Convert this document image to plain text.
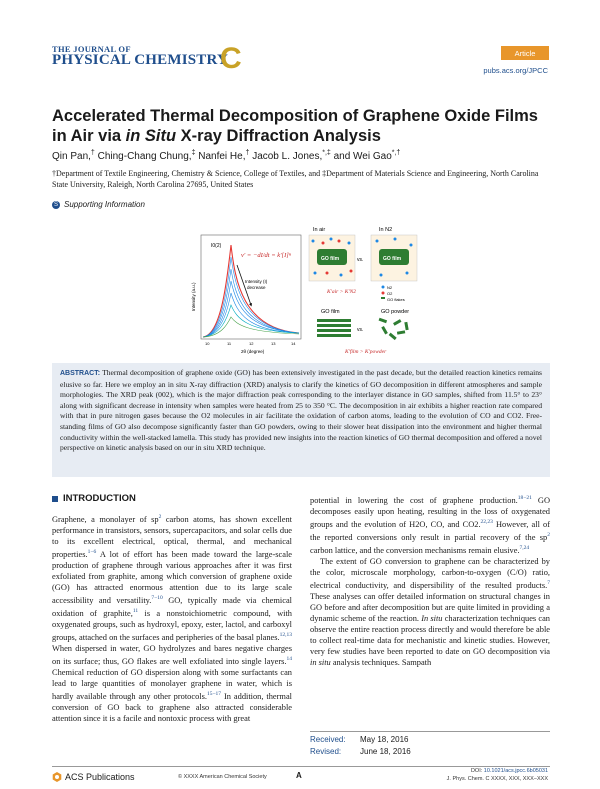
THE JOURNAL OF
PHYSICAL CHEMISTRY
C	Article
pubs.acs.org/JPCC
Accelerated Thermal Decomposition of Graphene Oxide Films in Air via in Situ X-ray Diffraction Analysis
Qin Pan,† Ching-Chang Chung,‡ Nanfei He,† Jacob L. Jones,*,‡ and Wei Gao*,†
†Department of Textile Engineering, Chemistry & Science, College of Textiles, and ‡Department of Materials Science and Engineering, North Carolina State University, Raleigh, North Carolina 27695, United States
S Supporting Information
I0(2)
ν′ = −dI/dt = k′[I]ⁿ
Intensity (I)
decrease
Intensity (a.u.)
10	11	12	13	14
2θ (degree)
In air	In N2
GO film	GO film
vs.
K′air > K′N2
N2
O2
GO flakes
GO film	GO powder
vs.
K′film > K′powder
ABSTRACT: Thermal decomposition of graphene oxide (GO) has been extensively investigated in the past decade, but the detailed reaction kinetics remains elusive so far. Here we employ an in situ X-ray diffraction (XRD) analysis to clarify the kinetics of GO decomposition in different atmospheres and sample morphologies. The XRD peak (002), which is the major diffraction peak corresponding to the interlayer distance in GO samples, shifted from 11.5° to 23° along with significant decrease in intensity when samples were heated from 25 to 350 °C. The decomposition in air exhibits a higher reaction rate compared with that in pure nitrogen gases because the O2 molecules in air facilitate the oxidation of carbon atoms, leading to the evolution of CO and CO2. Free-standing films of GO also decompose significantly faster than GO powders, owing to their slower heat dissipation into the environment and higher thermal conductivity within the well-stacked lamella. This study has provided new insights into the reaction kinetics of GO thermal decomposition and offered a novel perspective on kinetic analysis based on our in situ XRD technique.
INTRODUCTION

Graphene, a monolayer of $sp^2$ carbon atoms, has shown excellent performance in transistors, sensors, supercapacitors, and solar cells due to its excellent electrical, optical, thermal, and mechanical properties.$^{1-6}$ A lot of effort has been made toward the large-scale production of graphene through various approaches after it was first exfoliated from graphite, among which conversion of graphene oxide (GO) has attracted enormous attention due to its large scale accessibility and versatility.$^{7-10}$ GO, typically made via chemical oxidation of graphite,$^{11}$ is a nonstoichiometric compound, with oxygenated groups, such as hydroxyl, epoxy, ester, lactol, and carboxyl groups, attached on the surfaces and peripheries of the basal planes.$^{12,13}$ When dispersed in water, GO hydrolyzes and bares negative charges on its surface; thus, GO flakes are well exfoliated into single layers.$^{14}$ Chemical reduction of GO dispersion along with some surfactants can lead to large quantities of monolayer graphene in water, which is hardly available through any other protocols.$^{15-17}$ In addition, thermal conversion of GO back to graphene also attracted considerable attention since it is a facile and nontoxic process with great

potential in lowering the cost of graphene production.$^{18-21}$ GO decomposes easily upon heating, resulting in the loss of oxygenated groups and the evolution of H2O, CO, and CO2.$^{22,23}$ However, all of the reported conversions only result in partial recovery of the $sp^2$ carbon lattice, and the conversion mechanisms remain elusive.$^{7,24}$

The extent of GO conversion to graphene can be characterized by the color, microscale morphology, carbon-to-oxygen (C/O) ratio, electrical conductivity, and dispersibility of the resulted products.$^7$ These analyses can offer detailed information on structural changes in GO before and after decomposition but are quite limited in providing a dynamic scheme of the reaction. In situ characterization techniques can observe the entire reaction process directly and would therefore be able to collect real-time data for mechanistic and kinetic studies. However, very few studies have been reported to date on GO decomposition via in situ analysis techniques. Sampath

Received: May 18, 2016
Revised: June 18, 2016
ACS Publications	© XXXX American Chemical Society	A	DOI: 10.1021/acs.jpcc.6b05031
J. Phys. Chem. C XXXX, XXX, XXX−XXX
